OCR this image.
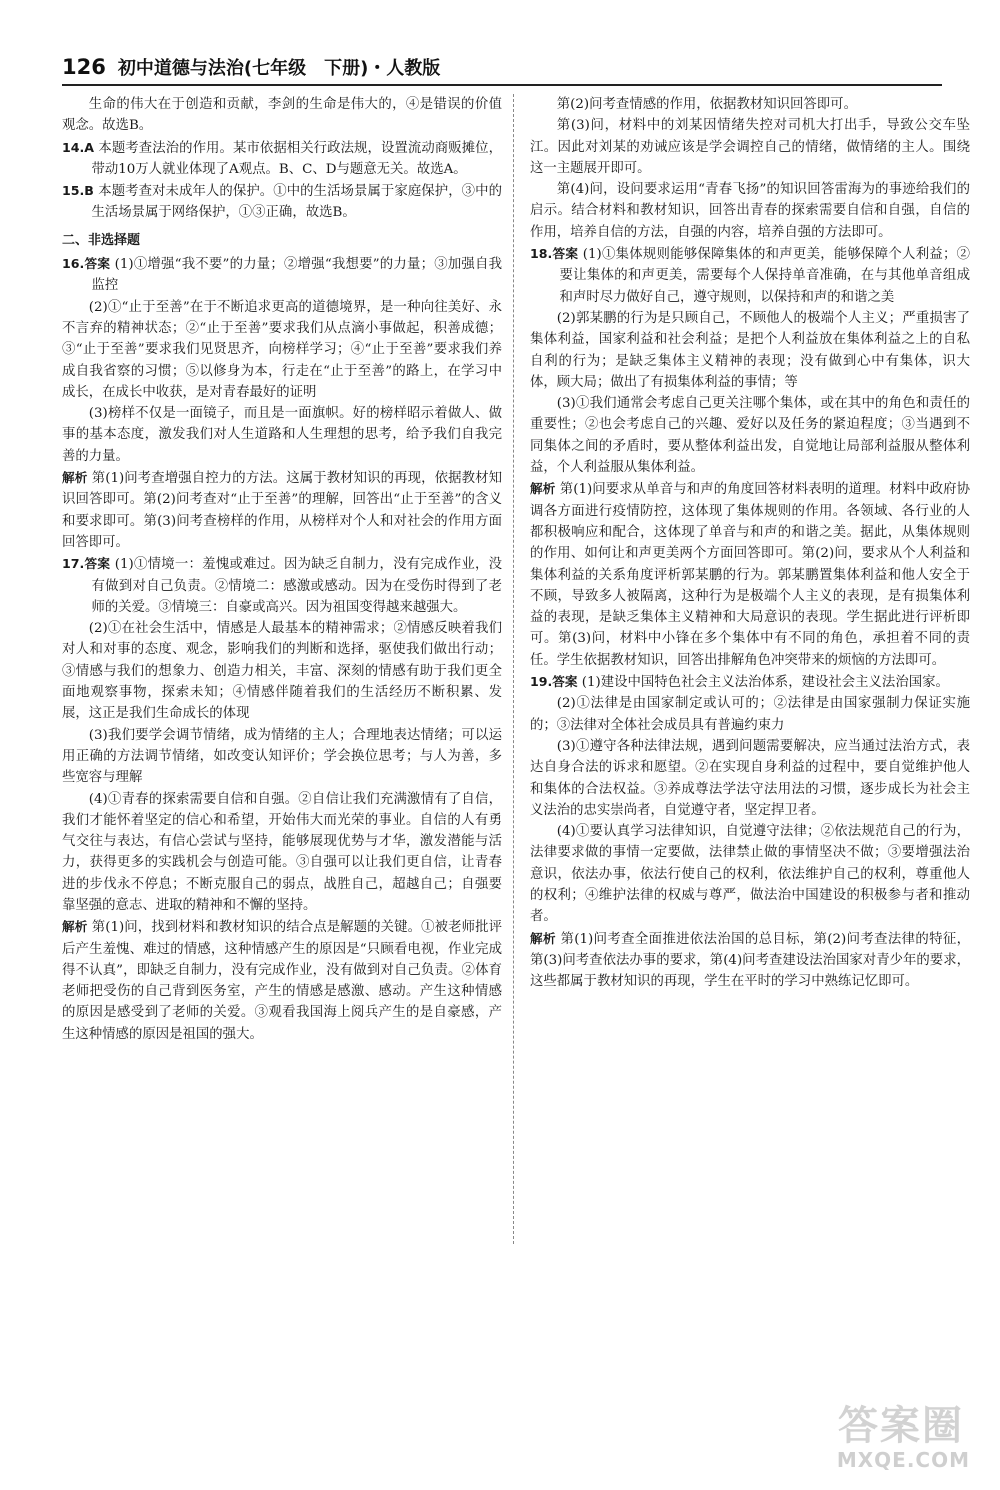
126 初中道德与法治(七年级　下册)・人教版

生命的伟大在于创造和贡献，李剑的生命是伟大的，④是错误的价值观念。故选B。

14.A 本题考查法治的作用。某市依据相关行政法规，设置流动商贩摊位，带动10万人就业体现了A观点。B、C、D与题意无关。故选A。

15.B 本题考查对未成年人的保护。①中的生活场景属于家庭保护，③中的生活场景属于网络保护，①③正确，故选B。

二、非选择题

16.答案 (1)①增强“我不要”的力量；②增强“我想要”的力量；③加强自我监控

(2)①“止于至善”在于不断追求更高的道德境界，是一种向往美好、永不言弃的精神状态；②“止于至善”要求我们从点滴小事做起，积善成德；③“止于至善”要求我们见贤思齐，向榜样学习；④“止于至善”要求我们养成自我省察的习惯；⑤以修身为本，行走在“止于至善”的路上，在学习中成长，在成长中收获，是对青春最好的证明

(3)榜样不仅是一面镜子，而且是一面旗帜。好的榜样昭示着做人、做事的基本态度，激发我们对人生道路和人生理想的思考，给予我们自我完善的力量。

解析 第(1)问考查增强自控力的方法。这属于教材知识的再现，依据教材知识回答即可。第(2)问考查对“止于至善”的理解，回答出“止于至善”的含义和要求即可。第(3)问考查榜样的作用，从榜样对个人和对社会的作用方面回答即可。

17.答案 (1)①情境一：羞愧或难过。因为缺乏自制力，没有完成作业，没有做到对自己负责。②情境二：感激或感动。因为在受伤时得到了老师的关爱。③情境三：自豪或高兴。因为祖国变得越来越强大。

(2)①在社会生活中，情感是人最基本的精神需求；②情感反映着我们对人和对事的态度、观念，影响我们的判断和选择，驱使我们做出行动；③情感与我们的想象力、创造力相关，丰富、深刻的情感有助于我们更全面地观察事物，探索未知；④情感伴随着我们的生活经历不断积累、发展，这正是我们生命成长的体现

(3)我们要学会调节情绪，成为情绪的主人；合理地表达情绪；可以运用正确的方法调节情绪，如改变认知评价；学会换位思考；与人为善，多些宽容与理解

(4)①青春的探索需要自信和自强。②自信让我们充满激情有了自信，我们才能怀着坚定的信心和希望，开始伟大而光荣的事业。自信的人有勇气交往与表达，有信心尝试与坚持，能够展现优势与才华，激发潜能与活力，获得更多的实践机会与创造可能。③自强可以让我们更自信，让青春进的步伐永不停息；不断克服自己的弱点，战胜自己，超越自己；自强要靠坚强的意志、进取的精神和不懈的坚持。

解析 第(1)问，找到材料和教材知识的结合点是解题的关键。①被老师批评后产生羞愧、难过的情感，这种情感产生的原因是“只顾看电视，作业完成得不认真”，即缺乏自制力，没有完成作业，没有做到对自己负责。②体育老师把受伤的自己背到医务室，产生的情感是感激、感动。产生这种情感的原因是感受到了老师的关爱。③观看我国海上阅兵产生的是自豪感，产生这种情感的原因是祖国的强大。

第(2)问考查情感的作用，依据教材知识回答即可。

第(3)问，材料中的刘某因情绪失控对司机大打出手，导致公交车坠江。因此对刘某的劝诫应该是学会调控自己的情绪，做情绪的主人。围绕这一主题展开即可。

第(4)问，设问要求运用“青春飞扬”的知识回答雷海为的事迹给我们的启示。结合材料和教材知识，回答出青春的探索需要自信和自强，自信的作用，培养自信的方法，自强的内容，培养自强的方法即可。

18.答案 (1)①集体规则能够保障集体的和声更美，能够保障个人利益；②要让集体的和声更美，需要每个人保持单音准确，在与其他单音组成和声时尽力做好自己，遵守规则，以保持和声的和谐之美

(2)郭某鹏的行为是只顾自己，不顾他人的极端个人主义；严重损害了集体利益，国家利益和社会利益；是把个人利益放在集体利益之上的自私自利的行为；是缺乏集体主义精神的表现；没有做到心中有集体，识大体，顾大局；做出了有损集体利益的事情；等

(3)①我们通常会考虑自己更关注哪个集体，或在其中的角色和责任的重要性；②也会考虑自己的兴趣、爱好以及任务的紧迫程度；③当遇到不同集体之间的矛盾时，要从整体利益出发，自觉地让局部利益服从整体利益，个人利益服从集体利益。

解析 第(1)问要求从单音与和声的角度回答材料表明的道理。材料中政府协调各方面进行疫情防控，这体现了集体规则的作用。各领域、各行业的人都积极响应和配合，这体现了单音与和声的和谐之美。据此，从集体规则的作用、如何让和声更美两个方面回答即可。第(2)问，要求从个人利益和集体利益的关系角度评析郭某鹏的行为。郭某鹏置集体利益和他人安全于不顾，导致多人被隔离，这种行为是极端个人主义的表现，是有损集体利益的表现，是缺乏集体主义精神和大局意识的表现。学生据此进行评析即可。第(3)问，材料中小锋在多个集体中有不同的角色，承担着不同的责任。学生依据教材知识，回答出排解角色冲突带来的烦恼的方法即可。

19.答案 (1)建设中国特色社会主义法治体系，建设社会主义法治国家。

(2)①法律是由国家制定或认可的；②法律是由国家强制力保证实施的；③法律对全体社会成员具有普遍约束力

(3)①遵守各种法律法规，遇到问题需要解决，应当通过法治方式，表达自身合法的诉求和愿望。②在实现自身利益的过程中，要自觉维护他人和集体的合法权益。③养成尊法学法守法用法的习惯，逐步成长为社会主义法治的忠实崇尚者，自觉遵守者，坚定捍卫者。

(4)①要认真学习法律知识，自觉遵守法律；②依法规范自己的行为，法律要求做的事情一定要做，法律禁止做的事情坚决不做；③要增强法治意识，依法办事，依法行使自己的权利，依法维护自己的权利，尊重他人的权利；④维护法律的权威与尊严，做法治中国建设的积极参与者和推动者。

解析 第(1)问考查全面推进依法治国的总目标，第(2)问考查法律的特征，第(3)问考查依法办事的要求，第(4)问考查建设法治国家对青少年的要求，这些都属于教材知识的再现，学生在平时的学习中熟练记忆即可。

答案圈
MXQE.COM
